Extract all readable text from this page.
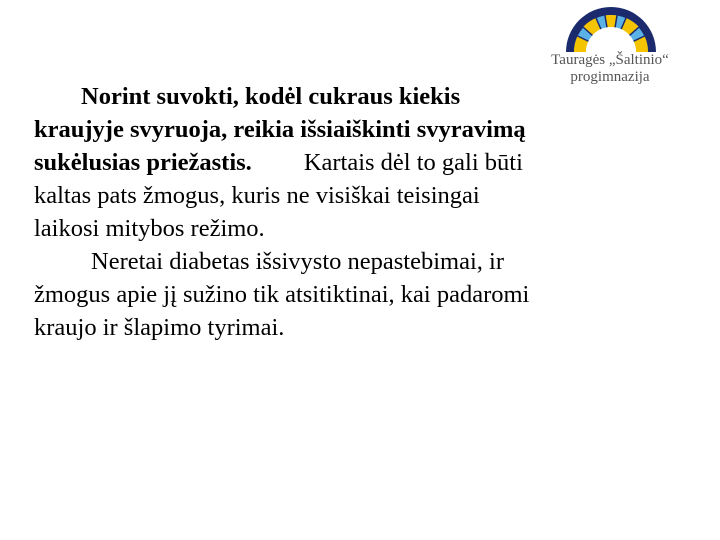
Tauragės „Šaltinio“
progimnazija
Norint suvokti, kodėl cukraus kiekis
kraujyje svyruoja, reikia išsiaiškinti svyravimą
sukėlusias priežastis. Kartais dėl to gali būti
kaltas pats žmogus, kuris ne visiškai teisingai
laikosi mitybos režimo.
Neretai diabetas išsivysto nepastebimai, ir
žmogus apie jį sužino tik atsitiktinai, kai padaromi
kraujo ir šlapimo tyrimai.
